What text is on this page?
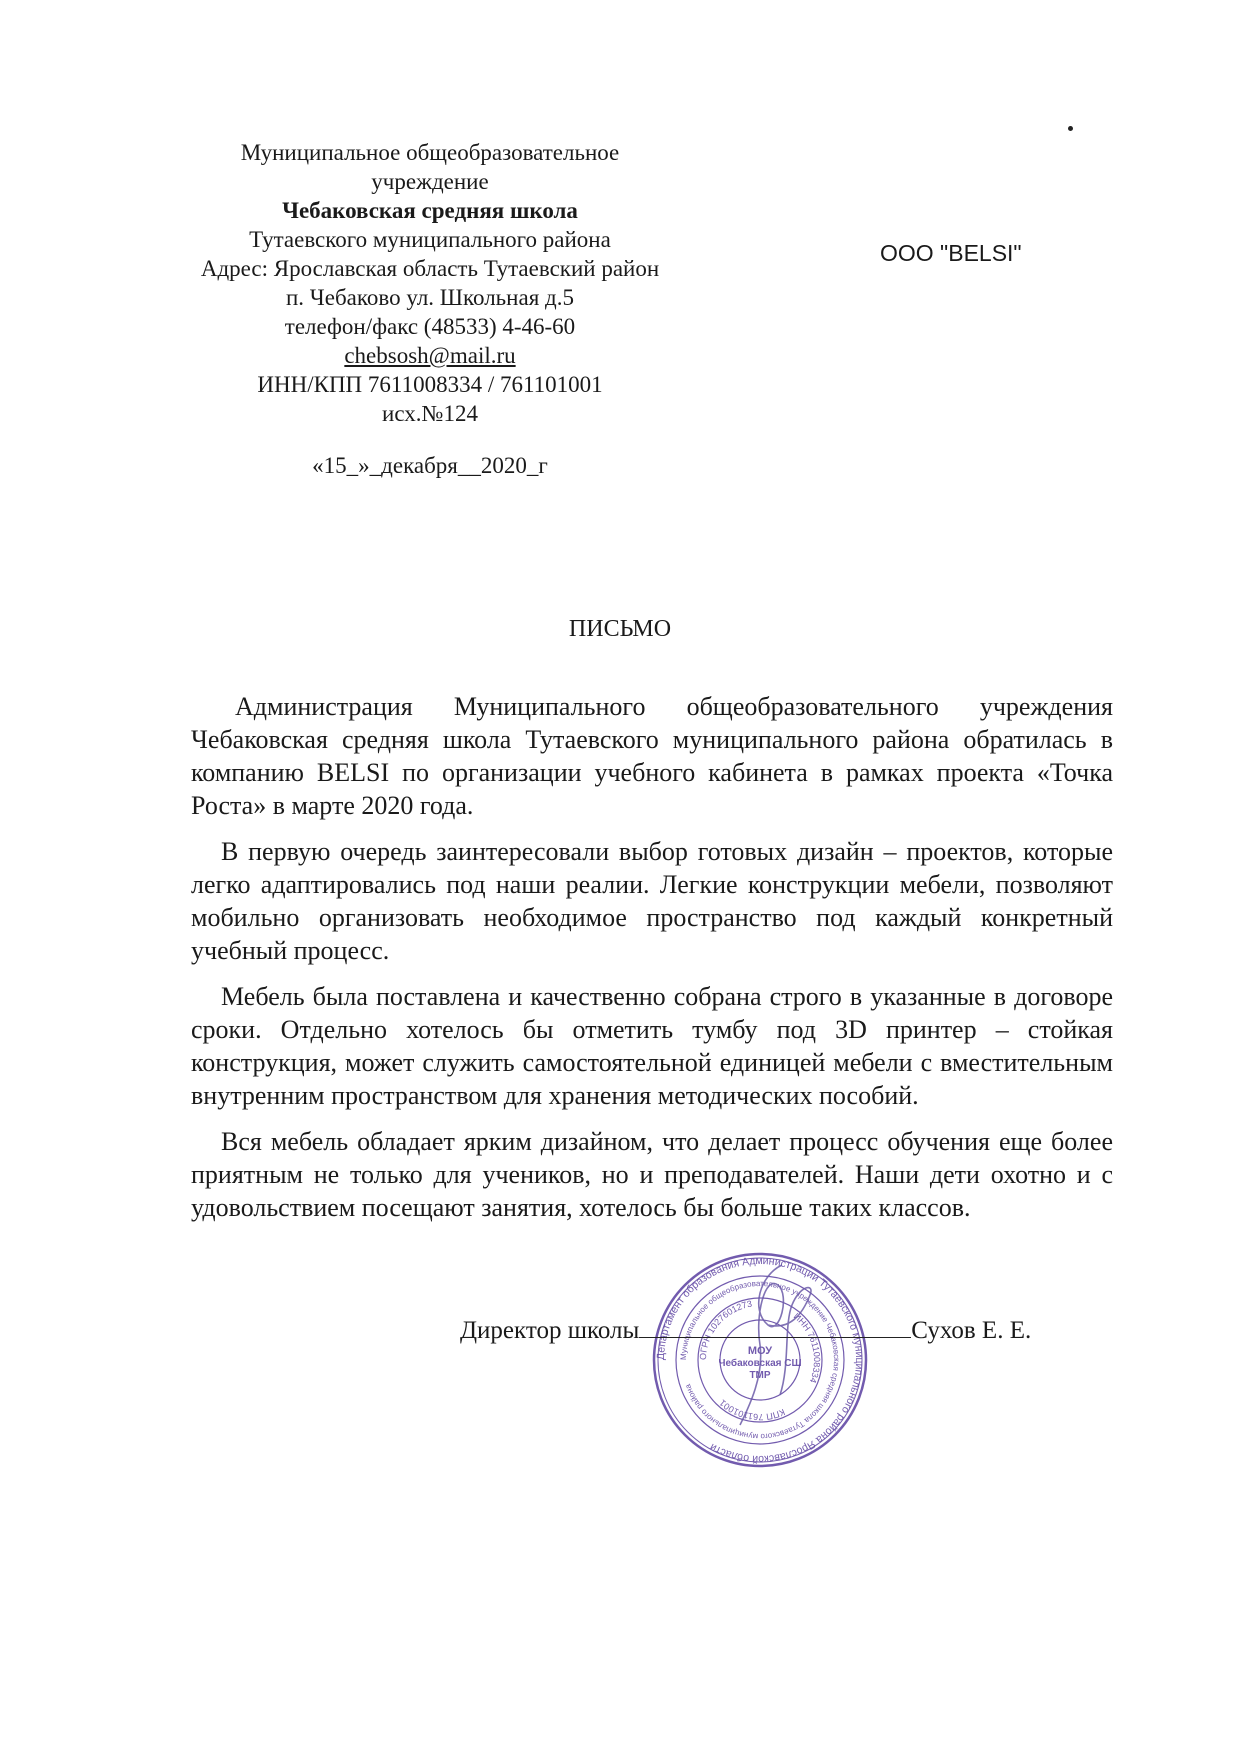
Муниципальное общеобразовательное
учреждение
Чебаковская средняя школа
Тутаевского муниципального района
Адрес: Ярославская область Тутаевский район
п. Чебаково ул. Школьная д.5
телефон/факс (48533) 4-46-60
chebsosh@mail.ru
ИНН/КПП 7611008334 / 761101001
исх.№124
«15_»_декабря__2020_г
ООО "BELSI"
ПИСЬМО

Администрация Муниципального общеобразовательного учреждения Чебаковская средняя школа Тутаевского муниципального района обратилась в компанию BELSI по организации учебного кабинета в рамках проекта «Точка Роста» в марте 2020 года.

В первую очередь заинтересовали выбор готовых дизайн – проектов, которые легко адаптировались под наши реалии. Легкие конструкции мебели, позволяют мобильно организовать необходимое пространство под каждый конкретный учебный процесс.

Мебель была поставлена и качественно собрана строго в указанные в договоре сроки. Отдельно хотелось бы отметить тумбу под 3D принтер – стойкая конструкция, может служить самостоятельной единицей мебели с вместительным внутренним пространством для хранения методических пособий.

Вся мебель обладает ярким дизайном, что делает процесс обучения еще более приятным не только для учеников, но и преподавателей. Наши дети охотно и с удовольствием посещают занятия, хотелось бы больше таких классов.

Департамент образования Администрации Тутаевского муниципального района Ярославской области
Муниципальное общеобразовательное учреждение Чебаковская средняя школа Тутаевского муниципального района
ОГРН 1027601273
ИНН 7611008334
КПП 761101001
МОУ
Чебаковская СШ
ТМР
Директор школы	Сухов Е. Е.
